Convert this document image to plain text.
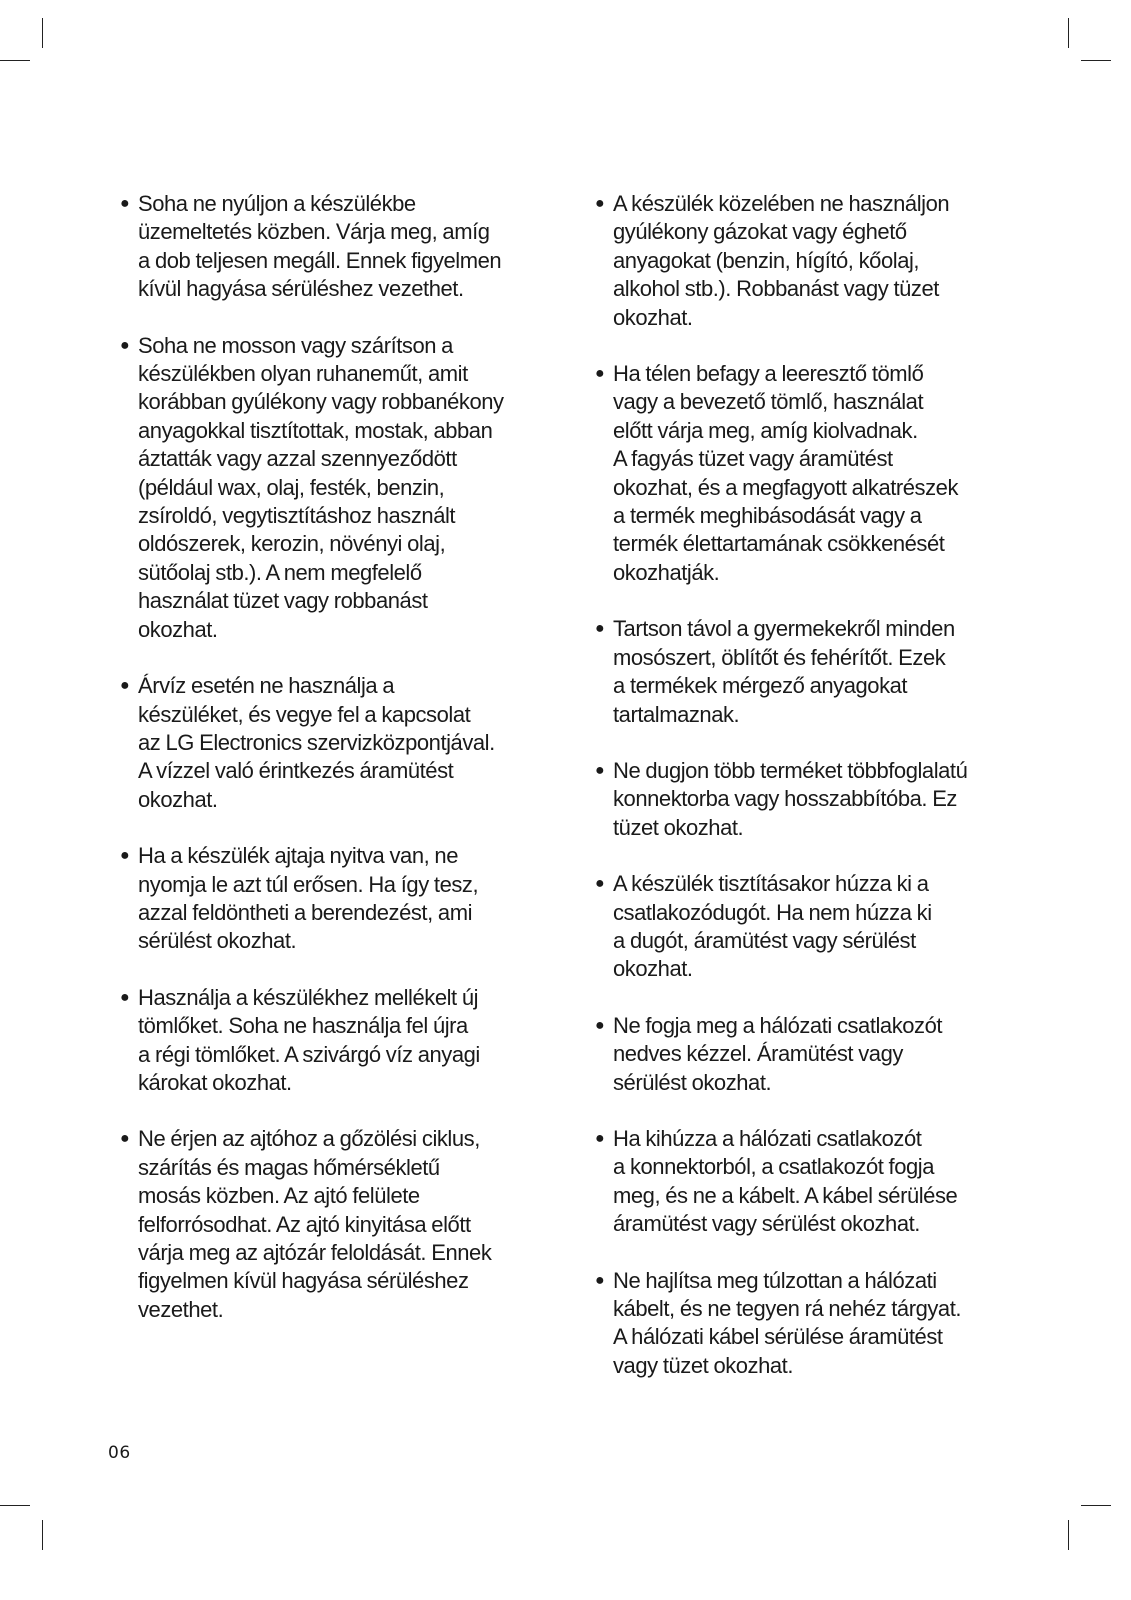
● Soha ne nyúljon a készülékbe
üzemeltetés közben. Várja meg, amíg
a dob teljesen megáll. Ennek figyelmen
kívül hagyása sérüléshez vezethet.
● Soha ne mosson vagy szárítson a
készülékben olyan ruhaneműt, amit
korábban gyúlékony vagy robbanékony
anyagokkal tisztítottak, mostak, abban
áztatták vagy azzal szennyeződött
(például wax, olaj, festék, benzin,
zsíroldó, vegytisztításhoz használt
oldószerek, kerozin, növényi olaj,
sütőolaj stb.). A nem megfelelő
használat tüzet vagy robbanást
okozhat.
● Árvíz esetén ne használja a
készüléket, és vegye fel a kapcsolat
az LG Electronics szervizközpontjával.
A vízzel való érintkezés áramütést
okozhat.
● Ha a készülék ajtaja nyitva van, ne
nyomja le azt túl erősen. Ha így tesz,
azzal feldöntheti a berendezést, ami
sérülést okozhat.
● Használja a készülékhez mellékelt új
tömlőket. Soha ne használja fel újra
a régi tömlőket. A szivárgó víz anyagi
károkat okozhat.
● Ne érjen az ajtóhoz a gőzölési ciklus,
szárítás és magas hőmérsékletű
mosás közben. Az ajtó felülete
felforrósodhat. Az ajtó kinyitása előtt
várja meg az ajtózár feloldását. Ennek
figyelmen kívül hagyása sérüléshez
vezethet.
● A készülék közelében ne használjon
gyúlékony gázokat vagy éghető
anyagokat (benzin, hígító, kőolaj,
alkohol stb.). Robbanást vagy tüzet
okozhat.
● Ha télen befagy a leeresztő tömlő
vagy a bevezető tömlő, használat
előtt várja meg, amíg kiolvadnak.
A fagyás tüzet vagy áramütést
okozhat, és a megfagyott alkatrészek
a termék meghibásodását vagy a
termék élettartamának csökkenését
okozhatják.
● Tartson távol a gyermekekről minden
mosószert, öblítőt és fehérítőt. Ezek
a termékek mérgező anyagokat
tartalmaznak.
● Ne dugjon több terméket többfoglalatú
konnektorba vagy hosszabbítóba. Ez
tüzet okozhat.
● A készülék tisztításakor húzza ki a
csatlakozódugót. Ha nem húzza ki
a dugót, áramütést vagy sérülést
okozhat.
● Ne fogja meg a hálózati csatlakozót
nedves kézzel. Áramütést vagy
sérülést okozhat.
● Ha kihúzza a hálózati csatlakozót
a konnektorból, a csatlakozót fogja
meg, és ne a kábelt. A kábel sérülése
áramütést vagy sérülést okozhat.
● Ne hajlítsa meg túlzottan a hálózati
kábelt, és ne tegyen rá nehéz tárgyat.
A hálózati kábel sérülése áramütést
vagy tüzet okozhat.
06
